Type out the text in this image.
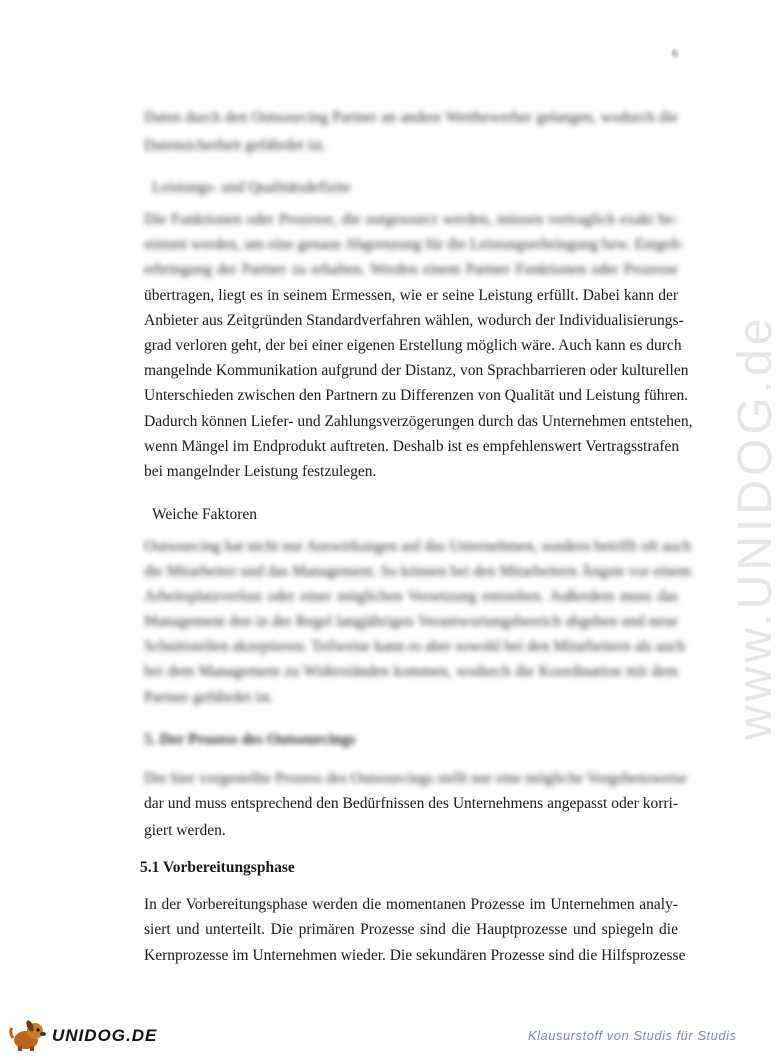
6
www.UNIDOG.de
Daten durch den Outsourcing Partner an andere Wettbewerber gelangen, wodurch die
Datensicherheit gefährdet ist.
Leistungs- und Qualitätsdefizite
Die Funktionen oder Prozesse, die outgesourct werden, müssen vertraglich exakt be-
stimmt werden, um eine genaue Abgrenzung für die Leistungserbringung bzw. Entgelt-
erbringung der Partner zu erhalten. Werden einem Partner Funktionen oder Prozesse
übertragen, liegt es in seinem Ermessen, wie er seine Leistung erfüllt. Dabei kann der
Anbieter aus Zeitgründen Standardverfahren wählen, wodurch der Individualisierungs-
grad verloren geht, der bei einer eigenen Erstellung möglich wäre. Auch kann es durch
mangelnde Kommunikation aufgrund der Distanz, von Sprachbarrieren oder kulturellen
Unterschieden zwischen den Partnern zu Differenzen von Qualität und Leistung führen.
Dadurch können Liefer- und Zahlungsverzögerungen durch das Unternehmen entstehen,
wenn Mängel im Endprodukt auftreten. Deshalb ist es empfehlenswert Vertragsstrafen
bei mangelnder Leistung festzulegen.
Weiche Faktoren
Outsourcing hat nicht nur Auswirkungen auf das Unternehmen, sondern betrifft oft auch
die Mitarbeiter und das Management. So können bei den Mitarbeitern Ängste vor einem
Arbeitsplatzverlust oder einer möglichen Versetzung entstehen. Außerdem muss das
Management den in der Regel langjährigen Verantwortungsbereich abgeben und neue
Schnittstellen akzeptieren. Teilweise kann es aber sowohl bei den Mitarbeitern als auch
bei dem Management zu Widerständen kommen, wodurch die Koordination mit dem
Partner gefährdet ist.
5. Der Prozess des Outsourcings
Der hier vorgestellte Prozess des Outsourcings stellt nur eine mögliche Vorgehensweise
dar und muss entsprechend den Bedürfnissen des Unternehmens angepasst oder korri-
giert werden.
5.1 Vorbereitungsphase
In der Vorbereitungsphase werden die momentanen Prozesse im Unternehmen analy-
siert und unterteilt. Die primären Prozesse sind die Hauptprozesse und spiegeln die
Kernprozesse im Unternehmen wieder. Die sekundären Prozesse sind die Hilfsprozesse
UNIDOG.DE	Klausurstoff von Studis für Studis
